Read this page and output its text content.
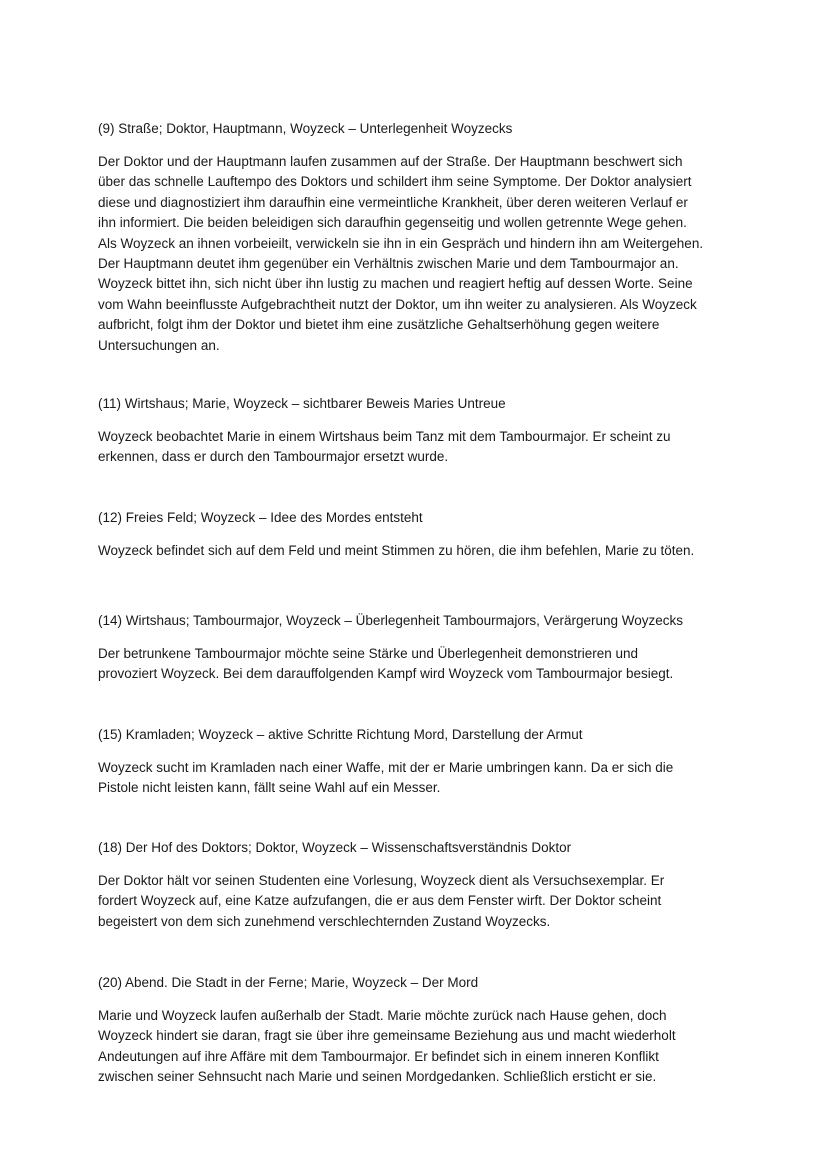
(9) Straße; Doktor, Hauptmann, Woyzeck – Unterlegenheit Woyzecks

Der Doktor und der Hauptmann laufen zusammen auf der Straße. Der Hauptmann beschwert sich
über das schnelle Lauftempo des Doktors und schildert ihm seine Symptome. Der Doktor analysiert
diese und diagnostiziert ihm daraufhin eine vermeintliche Krankheit, über deren weiteren Verlauf er
ihn informiert. Die beiden beleidigen sich daraufhin gegenseitig und wollen getrennte Wege gehen.
Als Woyzeck an ihnen vorbeieilt, verwickeln sie ihn in ein Gespräch und hindern ihn am Weitergehen.
Der Hauptmann deutet ihm gegenüber ein Verhältnis zwischen Marie und dem Tambourmajor an.
Woyzeck bittet ihn, sich nicht über ihn lustig zu machen und reagiert heftig auf dessen Worte. Seine
vom Wahn beeinflusste Aufgebrachtheit nutzt der Doktor, um ihn weiter zu analysieren. Als Woyzeck
aufbricht, folgt ihm der Doktor und bietet ihm eine zusätzliche Gehaltserhöhung gegen weitere
Untersuchungen an.

(11) Wirtshaus; Marie, Woyzeck – sichtbarer Beweis Maries Untreue

Woyzeck beobachtet Marie in einem Wirtshaus beim Tanz mit dem Tambourmajor. Er scheint zu
erkennen, dass er durch den Tambourmajor ersetzt wurde.

(12) Freies Feld; Woyzeck – Idee des Mordes entsteht

Woyzeck befindet sich auf dem Feld und meint Stimmen zu hören, die ihm befehlen, Marie zu töten.

(14) Wirtshaus; Tambourmajor, Woyzeck – Überlegenheit Tambourmajors, Verärgerung Woyzecks

Der betrunkene Tambourmajor möchte seine Stärke und Überlegenheit demonstrieren und
provoziert Woyzeck. Bei dem darauffolgenden Kampf wird Woyzeck vom Tambourmajor besiegt.

(15) Kramladen; Woyzeck – aktive Schritte Richtung Mord, Darstellung der Armut

Woyzeck sucht im Kramladen nach einer Waffe, mit der er Marie umbringen kann. Da er sich die
Pistole nicht leisten kann, fällt seine Wahl auf ein Messer.

(18) Der Hof des Doktors; Doktor, Woyzeck – Wissenschaftsverständnis Doktor

Der Doktor hält vor seinen Studenten eine Vorlesung, Woyzeck dient als Versuchsexemplar. Er
fordert Woyzeck auf, eine Katze aufzufangen, die er aus dem Fenster wirft. Der Doktor scheint
begeistert von dem sich zunehmend verschlechternden Zustand Woyzecks.

(20) Abend. Die Stadt in der Ferne; Marie, Woyzeck – Der Mord

Marie und Woyzeck laufen außerhalb der Stadt. Marie möchte zurück nach Hause gehen, doch
Woyzeck hindert sie daran, fragt sie über ihre gemeinsame Beziehung aus und macht wiederholt
Andeutungen auf ihre Affäre mit dem Tambourmajor. Er befindet sich in einem inneren Konflikt
zwischen seiner Sehnsucht nach Marie und seinen Mordgedanken. Schließlich ersticht er sie.
